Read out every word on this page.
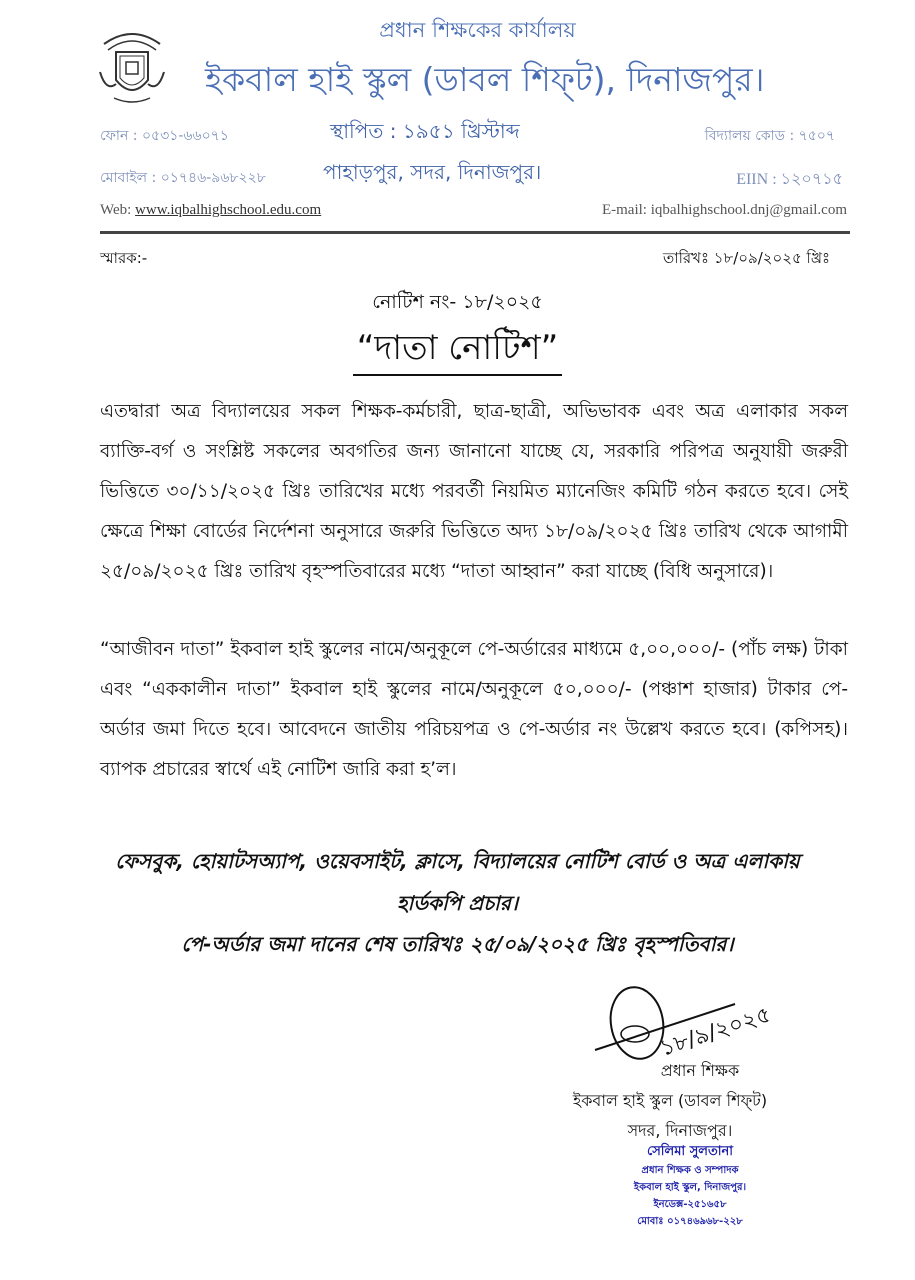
প্রধান শিক্ষকের কার্যালয়
ইকবাল হাই স্কুল (ডাবল শিফ্‌ট), দিনাজপুর।
ফোন : ০৫৩১-৬৬০৭১	স্থাপিত : ১৯৫১ খ্রিস্টাব্দ	বিদ্যালয় কোড : ৭৫০৭
মোবাইল : ০১৭৪৬-৯৬৮২২৮	পাহাড়পুর, সদর, দিনাজপুর।	EIIN : ১২০৭১৫
Web: www.iqbalhighschool.edu.com	E-mail: iqbalhighschool.dnj@gmail.com
স্মারক:-	তারিখঃ ১৮/০৯/২০২৫ খ্রিঃ
নোটিশ নং- ১৮/২০২৫
“দাতা নোটিশ”
এতদ্বারা অত্র বিদ্যালয়ের সকল শিক্ষক-কর্মচারী, ছাত্র-ছাত্রী, অভিভাবক এবং অত্র এলাকার সকল ব্যাক্তি-বর্গ ও সংশ্লিষ্ট সকলের অবগতির জন্য জানানো যাচ্ছে যে, সরকারি পরিপত্র অনুযায়ী জরুরী ভিত্তিতে ৩০/১১/২০২৫ খ্রিঃ তারিখের মধ্যে পরবর্তী নিয়মিত ম্যানেজিং কমিটি গঠন করতে হবে। সেই ক্ষেত্রে শিক্ষা বোর্ডের নির্দেশনা অনুসারে জরুরি ভিত্তিতে অদ্য ১৮/০৯/২০২৫ খ্রিঃ তারিখ থেকে আগামী ২৫/০৯/২০২৫ খ্রিঃ তারিখ বৃহস্পতিবারের মধ্যে “দাতা আহ্বান” করা যাচ্ছে (বিধি অনুসারে)।
“আজীবন দাতা” ইকবাল হাই স্কুলের নামে/অনুকূলে পে-অর্ডারের মাধ্যমে ৫,০০,০০০/- (পাঁচ লক্ষ) টাকা এবং “এককালীন দাতা” ইকবাল হাই স্কুলের নামে/অনুকূলে ৫০,০০০/- (পঞ্চাশ হাজার) টাকার পে-অর্ডার জমা দিতে হবে। আবেদনে জাতীয় পরিচয়পত্র ও পে-অর্ডার নং উল্লেখ করতে হবে। (কপিসহ)। ব্যাপক প্রচারের স্বার্থে এই নোটিশ জারি করা হ’ল।
ফেসবুক, হোয়াটসঅ্যাপ, ওয়েবসাইট, ক্লাসে, বিদ্যালয়ের নোটিশ বোর্ড ও অত্র এলাকায়
হার্ডকপি প্রচার।
পে-অর্ডার জমা দানের শেষ তারিখঃ ২৫/০৯/২০২৫ খ্রিঃ বৃহস্পতিবার।
১৮/৯/২০২৫
প্রধান শিক্ষক
ইকবাল হাই স্কুল (ডাবল শিফ্‌ট)
সদর, দিনাজপুর।
সেলিমা সুলতানা
প্রধান শিক্ষক ও সম্পাদক
ইকবাল হাই স্কুল, দিনাজপুর।
ইনডেক্স-২৫১৬৫৮
মোবাঃ ০১৭৪৬৯৬৮-২২৮
